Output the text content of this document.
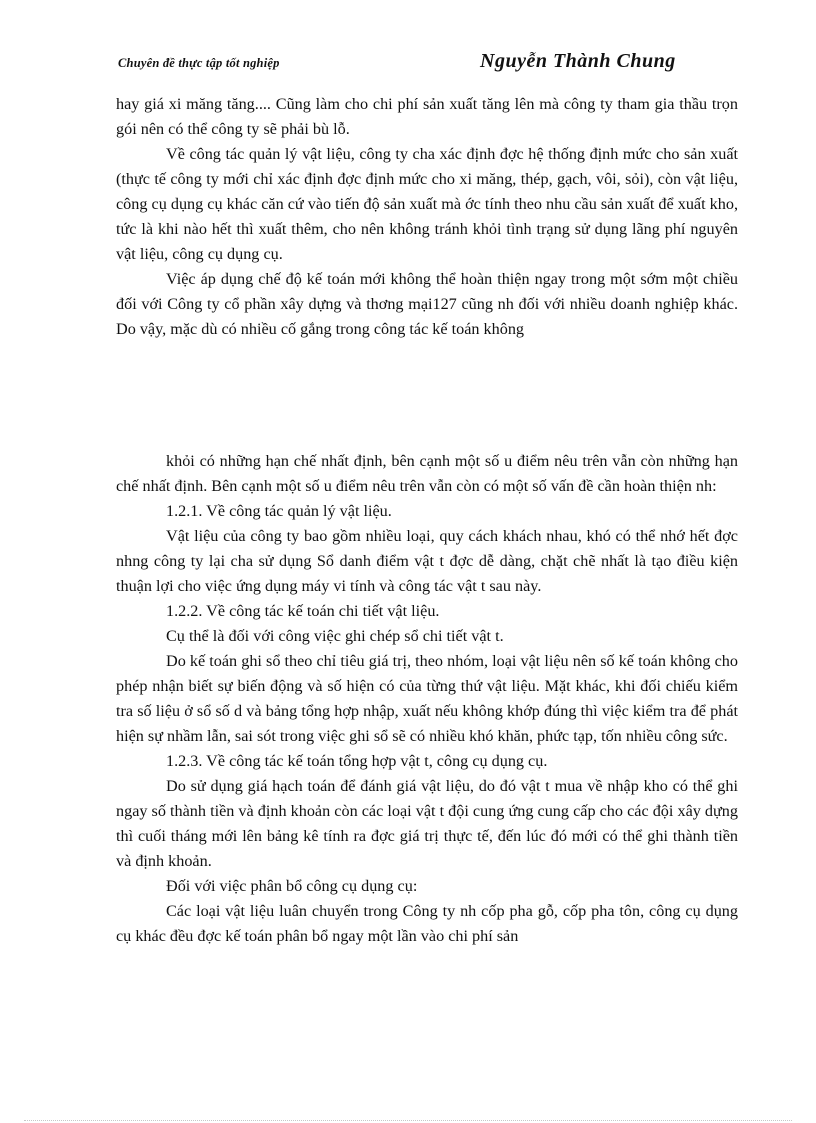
Chuyên đề thực tập tốt nghiệp	Nguyễn Thành Chung

hay giá xi măng tăng.... Cũng làm cho chi phí sản xuất tăng lên mà công ty tham gia thầu trọn gói nên có thể công ty sẽ phải bù lỗ.

Về công tác quản lý vật liệu, công ty cha xác định đợc hệ thống định mức cho sản xuất (thực tế công ty mới chỉ xác định đợc định mức cho xi măng, thép, gạch, vôi, sỏi), còn vật liệu, công cụ dụng cụ khác căn cứ vào tiến độ sản xuất mà ớc tính theo nhu cầu sản xuất để xuất kho, tức là khi nào hết thì xuất thêm, cho nên không tránh khỏi tình trạng sử dụng lãng phí nguyên vật liệu, công cụ dụng cụ.

Việc áp dụng chế độ kế toán mới không thể hoàn thiện ngay trong một sớm một chiều đối với Công ty cổ phần xây dựng và thơng mại127 cũng nh đối với nhiều doanh nghiệp khác. Do vậy, mặc dù có nhiều cố gắng trong công tác kế toán không

khỏi có những hạn chế nhất định, bên cạnh một số u điểm nêu trên vẫn còn những hạn chế nhất định. Bên cạnh một số u điểm nêu trên vẫn còn có một số vấn đề cần hoàn thiện nh:

1.2.1. Về công tác quản lý vật liệu.

Vật liệu của công ty bao gồm nhiều loại, quy cách khách nhau, khó có thể nhớ hết đợc nhng công ty lại cha sử dụng Sổ danh điểm vật t đợc dễ dàng, chặt chẽ nhất là tạo điều kiện thuận lợi cho việc ứng dụng máy vi tính và công tác vật t sau này.

1.2.2. Về công tác kế toán chi tiết vật liệu.

Cụ thể là đối với công việc ghi chép sổ chi tiết vật t.

Do kế toán ghi sổ theo chỉ tiêu giá trị, theo nhóm, loại vật liệu nên số kế toán không cho phép nhận biết sự biến động và số hiện có của từng thứ vật liệu. Mặt khác, khi đối chiếu kiểm tra số liệu ở sổ số d và bảng tổng hợp nhập, xuất nếu không khớp đúng thì việc kiểm tra để phát hiện sự nhầm lẫn, sai sót trong việc ghi sổ sẽ có nhiều khó khăn, phức tạp, tốn nhiều công sức.

1.2.3. Về công tác kế toán tổng hợp vật t, công cụ dụng cụ.

Do sử dụng giá hạch toán để đánh giá vật liệu, do đó vật t mua về nhập kho có thể ghi ngay số thành tiền và định khoản còn các loại vật t đội cung ứng cung cấp cho các đội xây dựng thì cuối tháng mới lên bảng kê tính ra đợc giá trị thực tế, đến lúc đó mới có thể ghi thành tiền và định khoản.

Đối với việc phân bổ công cụ dụng cụ:

Các loại vật liệu luân chuyển trong Công ty nh cốp pha gỗ, cốp pha tôn, công cụ dụng cụ khác đều đợc kế toán phân bổ ngay một lần vào chi phí sản
